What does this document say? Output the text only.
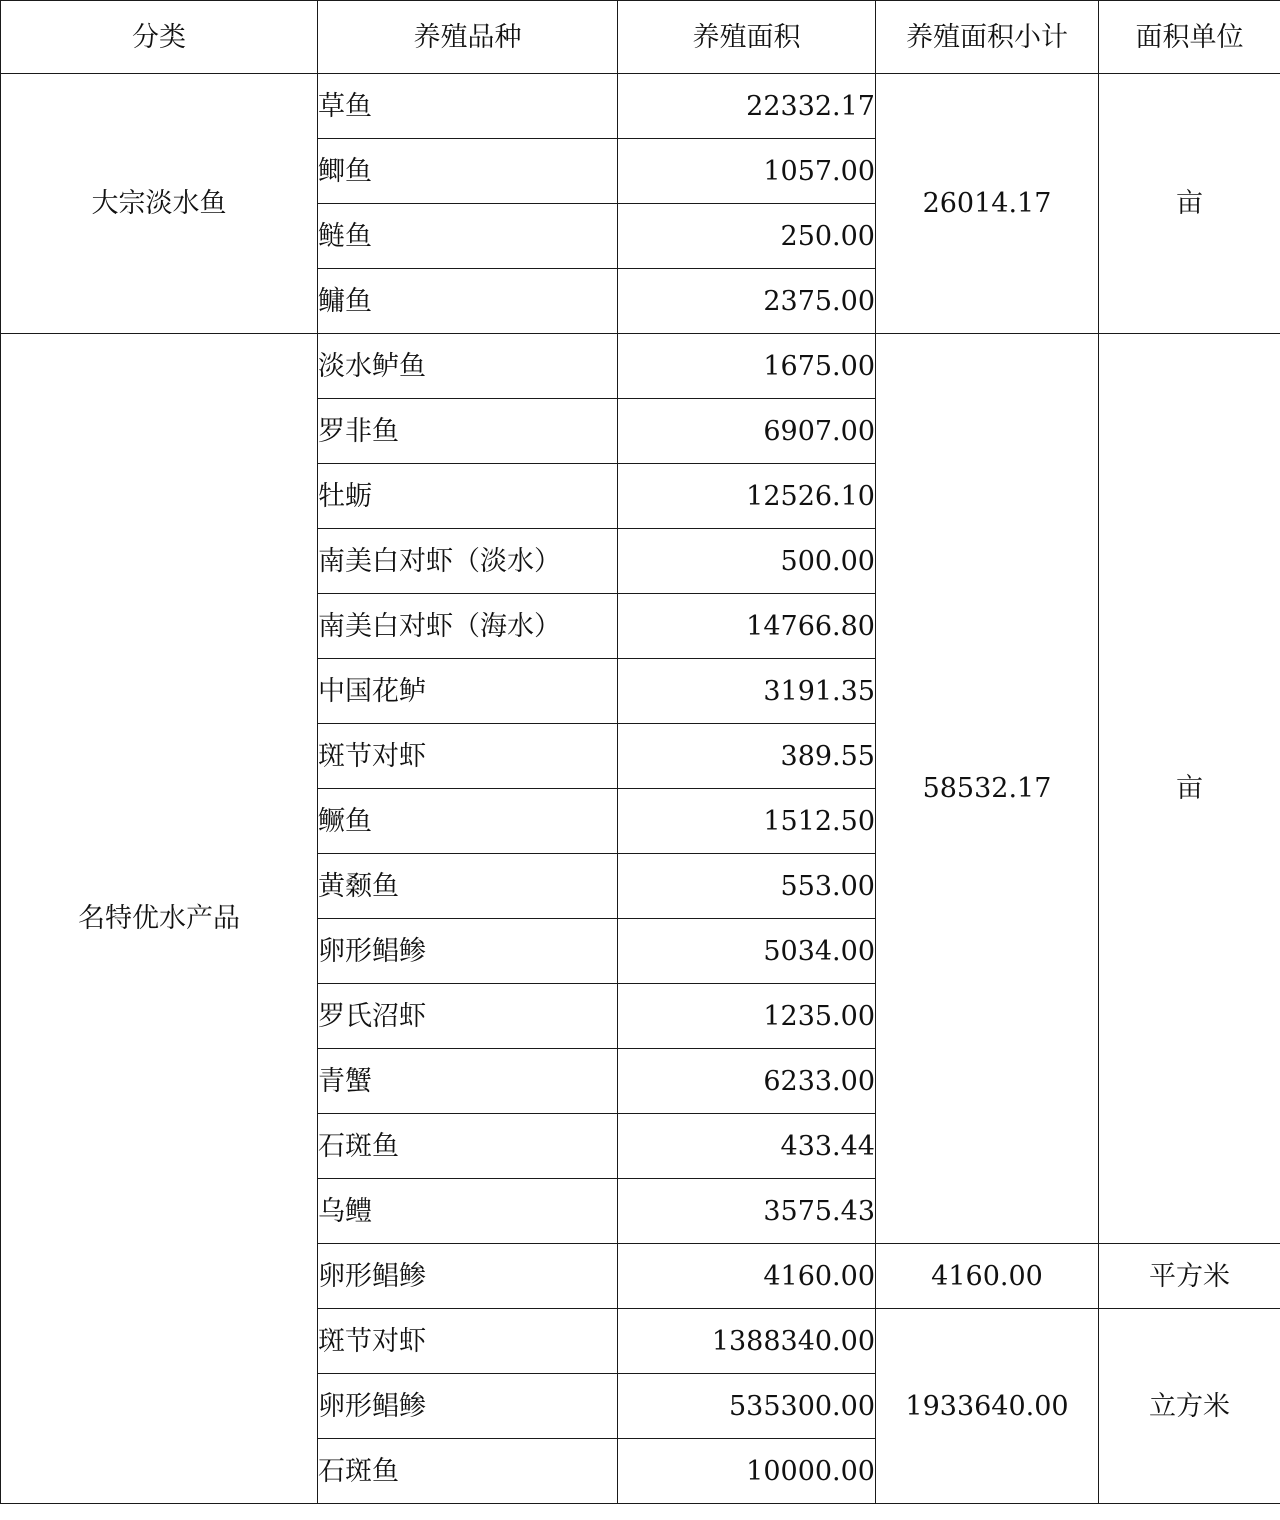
分类	养殖品种	养殖面积	养殖面积小计	面积单位
大宗淡水鱼	草鱼	22332.17	26014.17	亩
	鲫鱼	1057.00		
	鲢鱼	250.00		
	鳙鱼	2375.00		
名特优水产品	淡水鲈鱼	1675.00	58532.17	亩
	罗非鱼	6907.00		
	牡蛎	12526.10		
	南美白对虾（淡水）	500.00		
	南美白对虾（海水）	14766.80		
	中国花鲈	3191.35		
	斑节对虾	389.55		
	鳜鱼	1512.50		
	黄颡鱼	553.00		
	卵形鲳鲹	5034.00		
	罗氏沼虾	1235.00		
	青蟹	6233.00		
	石斑鱼	433.44		
	乌鳢	3575.43		
	卵形鲳鲹	4160.00	4160.00	平方米
	斑节对虾	1388340.00	1933640.00	立方米
	卵形鲳鲹	535300.00		
	石斑鱼	10000.00		
